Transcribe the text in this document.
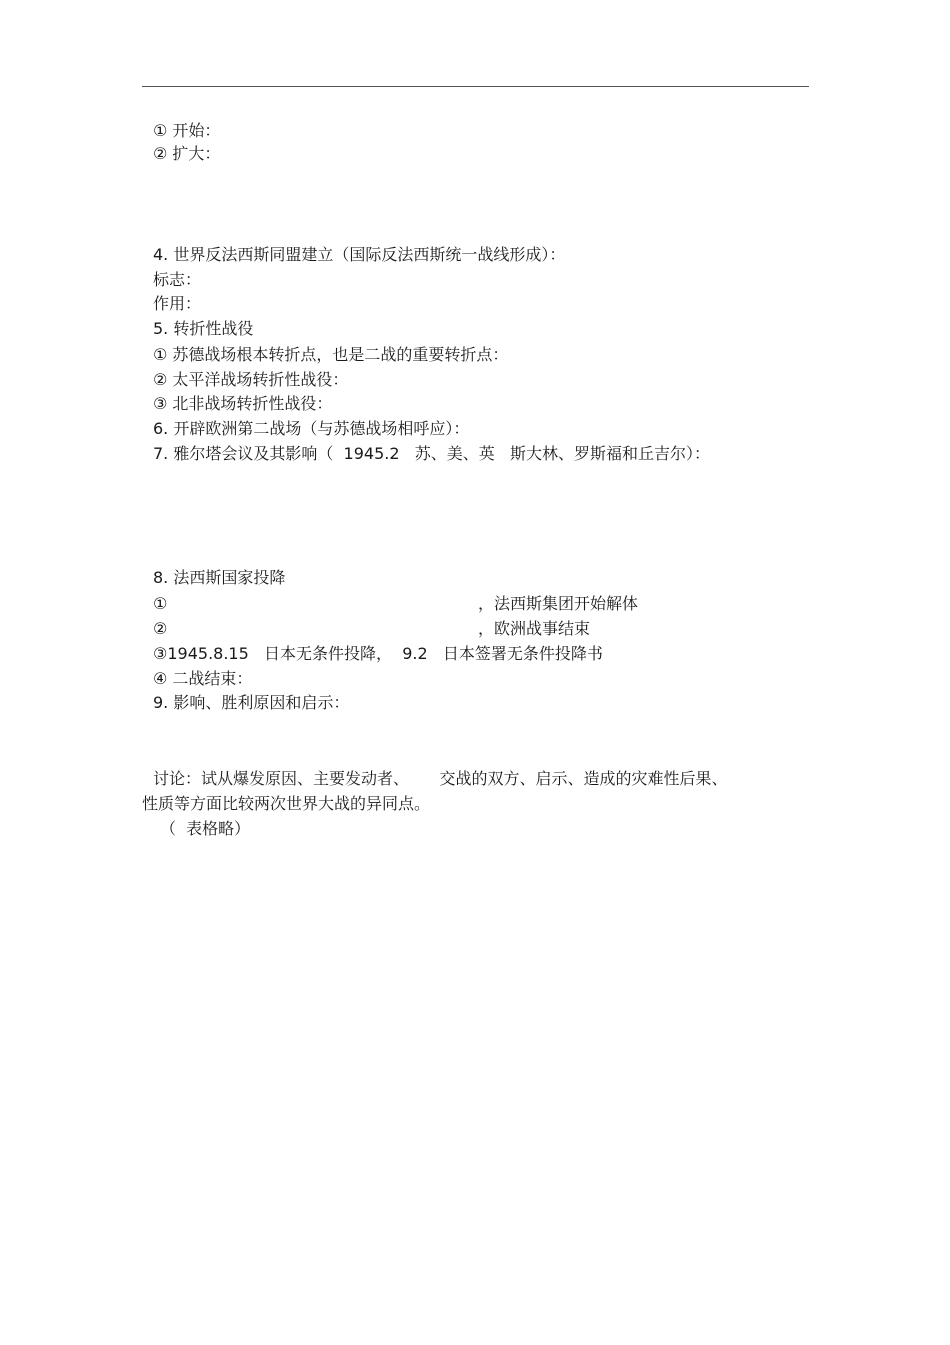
① 开始：
② 扩大：
4. 世界反法西斯同盟建立（国际反法西斯统一战线形成）：
标志：
作用：
5. 转折性战役
① 苏德战场根本转折点，也是二战的重要转折点：
② 太平洋战场转折性战役：
③ 北非战场转折性战役：
6. 开辟欧洲第二战场（与苏德战场相呼应）：
7. 雅尔塔会议及其影响（  1945.2   苏、美、英   斯大林、罗斯福和丘吉尔）：
8. 法西斯国家投降
①	，法西斯集团开始解体
②	，欧洲战事结束
③1945.8.15   日本无条件投降，  9.2   日本签署无条件投降书
④ 二战结束：
9. 影响、胜利原因和启示：
讨论：试从爆发原因、主要发动者、      交战的双方、启示、造成的灾难性后果、
性质等方面比较两次世界大战的异同点。
（  表格略）
